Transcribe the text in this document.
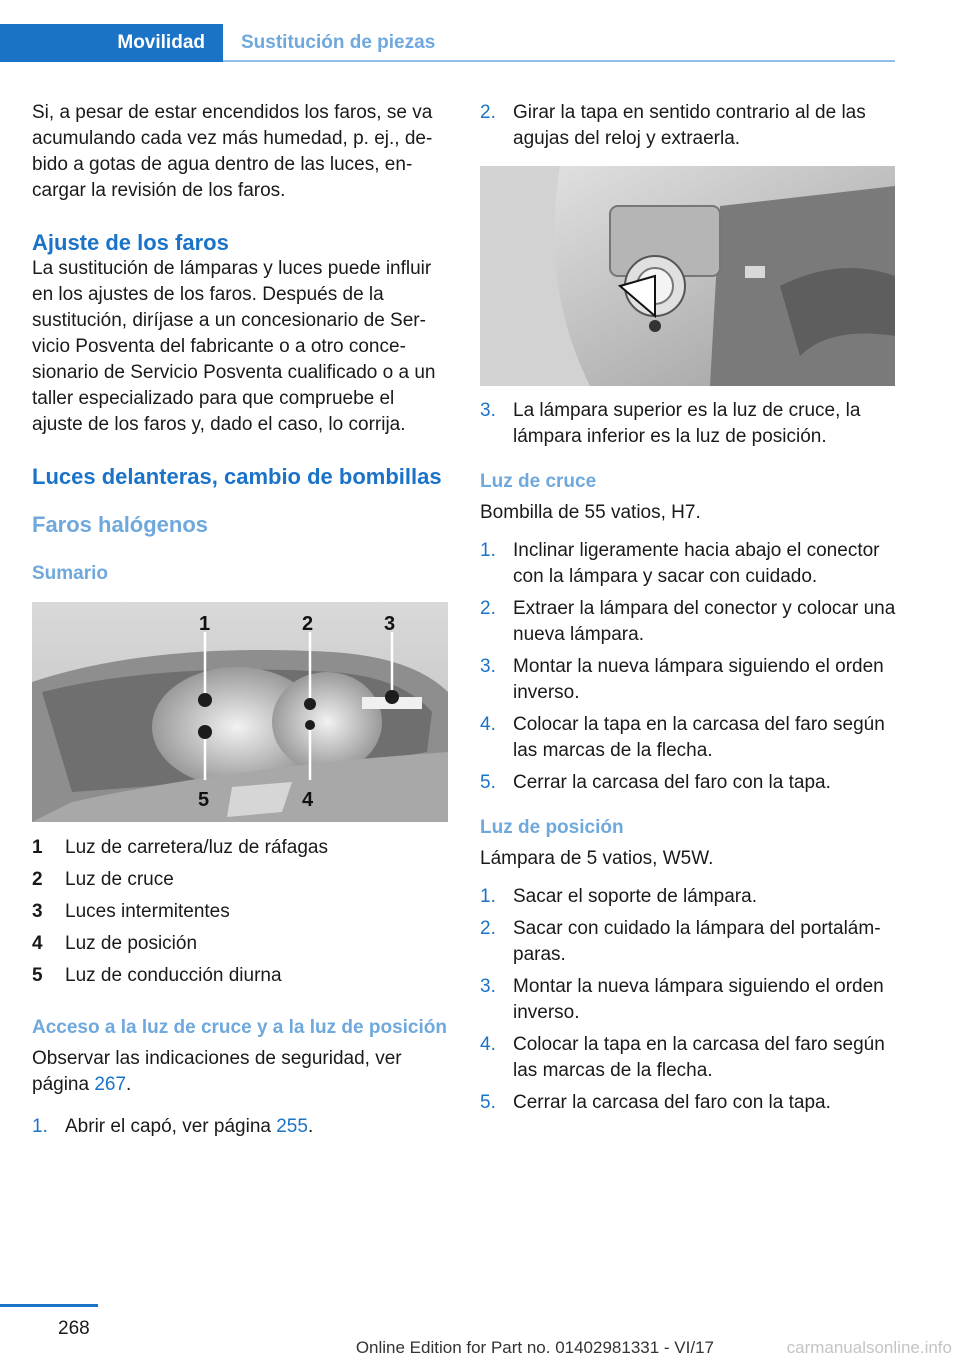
Movilidad	Sustitución de piezas

Si, a pesar de estar encendidos los faros, se va acumulando cada vez más humedad, p. ej., debido a gotas de agua dentro de las luces, encargar la revisión de los faros.

Ajuste de los faros

La sustitución de lámparas y luces puede influir en los ajustes de los faros. Después de la sustitución, diríjase a un concesionario de Servicio Posventa del fabricante o a otro concesionario de Servicio Posventa cualificado o a un taller especializado para que compruebe el ajuste de los faros y, dado el caso, lo corrija.

Luces delanteras, cambio de bombillas
Faros halógenos
Sumario
1	2	3
4
5
1 Luz de carretera/luz de ráfagas
2 Luz de cruce
3 Luces intermitentes
4 Luz de posición
5 Luz de conducción diurna
Acceso a la luz de cruce y a la luz de posición

Observar las indicaciones de seguridad, ver página 267.

1. Abrir el capó, ver página 255.
2. Girar la tapa en sentido contrario al de las agujas del reloj y extraerla.
3. La lámpara superior es la luz de cruce, la lámpara inferior es la luz de posición.
Luz de cruce

Bombilla de 55 vatios, H7.

1. Inclinar ligeramente hacia abajo el conector con la lámpara y sacar con cuidado.
2. Extraer la lámpara del conector y colocar una nueva lámpara.
3. Montar la nueva lámpara siguiendo el orden inverso.
4. Colocar la tapa en la carcasa del faro según las marcas de la flecha.
5. Cerrar la carcasa del faro con la tapa.
Luz de posición

Lámpara de 5 vatios, W5W.

1. Sacar el soporte de lámpara.
2. Sacar con cuidado la lámpara del portalámparas.
3. Montar la nueva lámpara siguiendo el orden inverso.
4. Colocar la tapa en la carcasa del faro según las marcas de la flecha.
5. Cerrar la carcasa del faro con la tapa.
268
Online Edition for Part no. 01402981331 - VI/17	carmanualsonline.info
